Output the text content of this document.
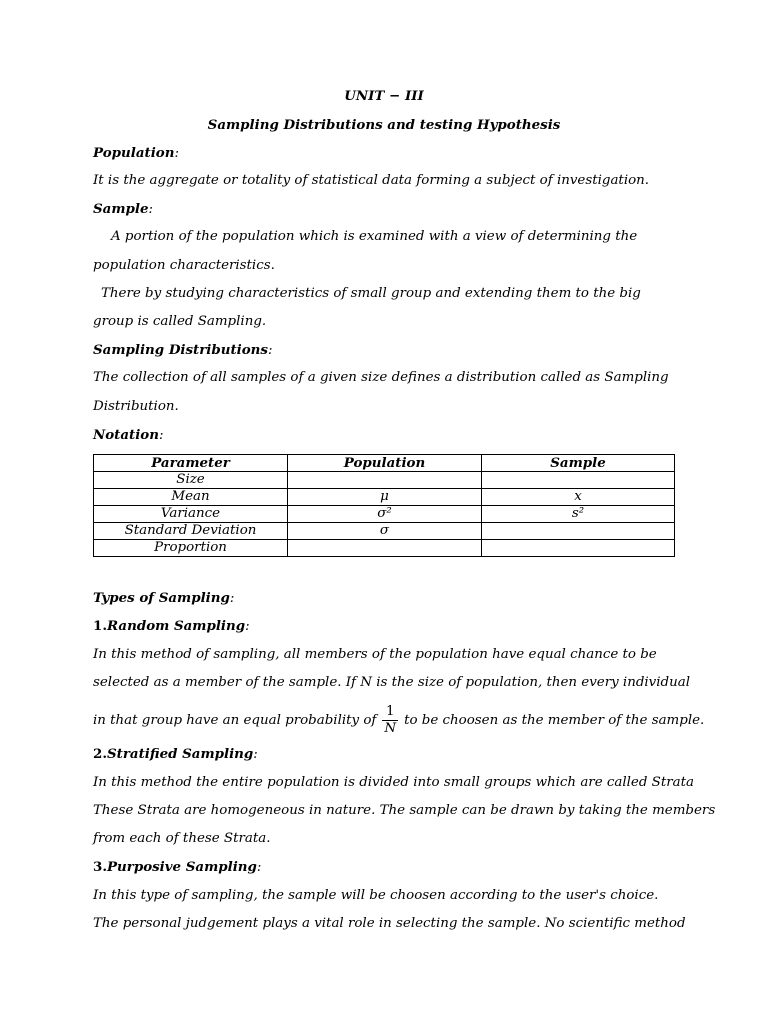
UNIT − III
Sampling Distributions and testing Hypothesis
Population:
It is the aggregate or totality of statistical data forming a subject of investigation.
Sample:
A portion of the population which is examined with a view of determining the
population characteristics.
There by studying characteristics of small group and extending them to the big
group is called Sampling.
Sampling Distributions:
The collection of all samples of a given size defines a distribution called as Sampling
Distribution.
Notation:
Parameter	Population	Sample
Size		
Mean	μ	$\overline{x}$
Variance	σ²	s²
Standard Deviation	σ	
Proportion		
Types of Sampling:
1.Random Sampling:
In this method of sampling, all members of the population have equal chance to be
selected as a member of the sample. If N is the size of population, then every individual
in that group have an equal probability of $\frac{1}{N}$ to be choosen as the member of the sample.
2.Stratified Sampling:
In this method the entire population is divided into small groups which are called Strata
These Strata are homogeneous in nature. The sample can be drawn by taking the members
from each of these Strata.
3.Purposive Sampling:
In this type of sampling, the sample will be choosen according to the user's choice.
The personal judgement plays a vital role in selecting the sample. No scientific method
